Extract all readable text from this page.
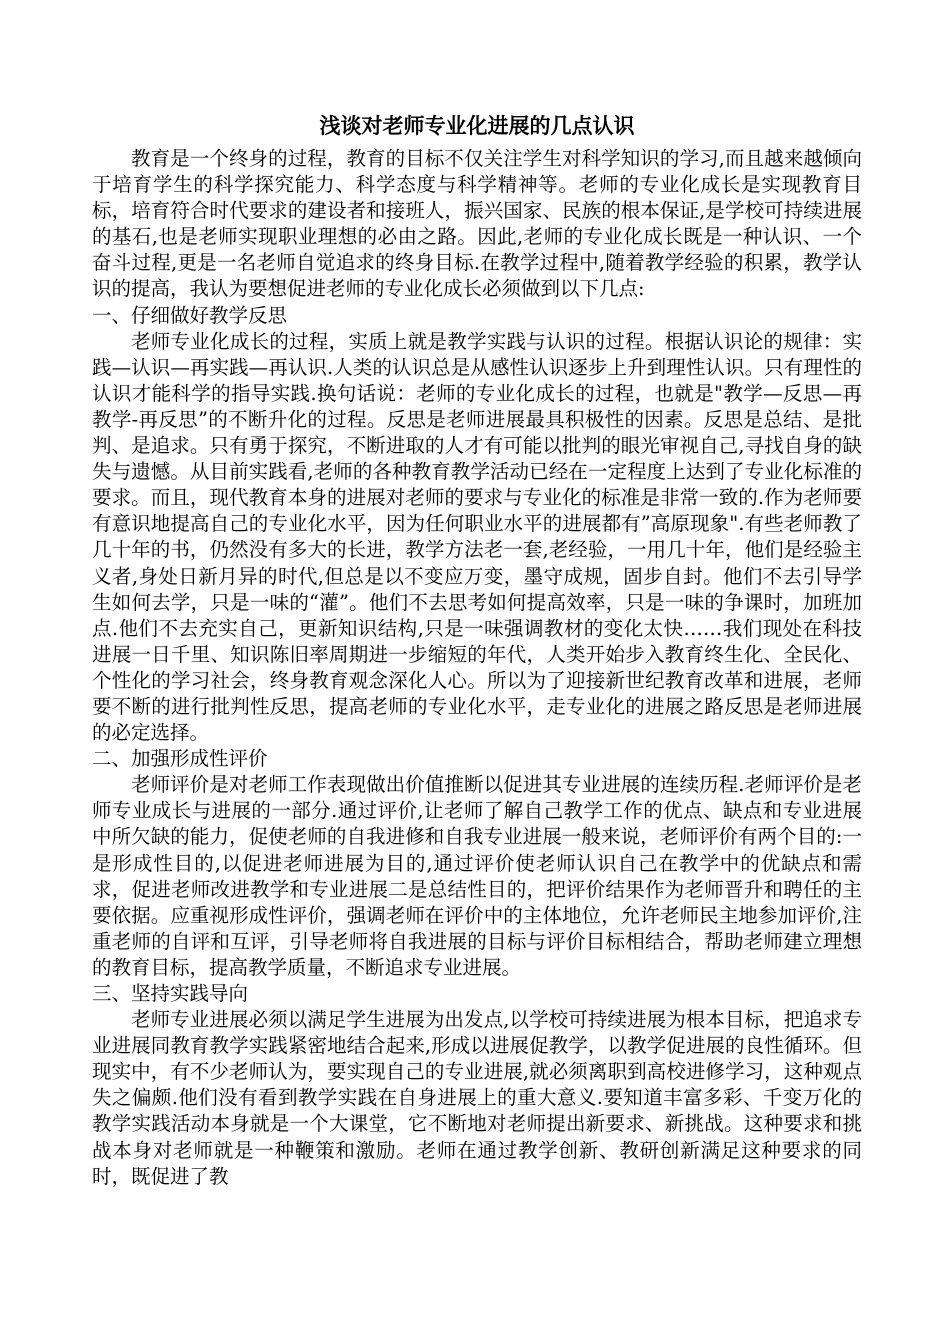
浅谈对老师专业化进展的几点认识

教育是一个终身的过程，教育的目标不仅关注学生对科学知识的学习,而且越来越倾向于培育学生的科学探究能力、科学态度与科学精神等。老师的专业化成长是实现教育目标，培育符合时代要求的建设者和接班人，振兴国家、民族的根本保证,是学校可持续进展的基石,也是老师实现职业理想的必由之路。因此,老师的专业化成长既是一种认识、一个奋斗过程,更是一名老师自觉追求的终身目标.在教学过程中,随着教学经验的积累，教学认识的提高，我认为要想促进老师的专业化成长必须做到以下几点:

一、仔细做好教学反思

老师专业化成长的过程，实质上就是教学实践与认识的过程。根据认识论的规律：实践—认识—再实践—再认识.人类的认识总是从感性认识逐步上升到理性认识。只有理性的认识才能科学的指导实践.换句话说：老师的专业化成长的过程，也就是"教学—反思—再教学-再反思”的不断升化的过程。反思是老师进展最具积极性的因素。反思是总结、是批判、是追求。只有勇于探究，不断进取的人才有可能以批判的眼光审视自己,寻找自身的缺失与遗憾。从目前实践看,老师的各种教育教学活动已经在一定程度上达到了专业化标准的要求。而且，现代教育本身的进展对老师的要求与专业化的标准是非常一致的.作为老师要有意识地提高自己的专业化水平，因为任何职业水平的进展都有”高原现象".有些老师教了几十年的书，仍然没有多大的长进，教学方法老一套,老经验，一用几十年，他们是经验主义者,身处日新月异的时代,但总是以不变应万变，墨守成规，固步自封。他们不去引导学生如何去学，只是一味的“灌”。他们不去思考如何提高效率，只是一味的争课时，加班加点.他们不去充实自己，更新知识结构,只是一味强调教材的变化太快……我们现处在科技进展一日千里、知识陈旧率周期进一步缩短的年代，人类开始步入教育终生化、全民化、个性化的学习社会，终身教育观念深化人心。所以为了迎接新世纪教育改革和进展，老师要不断的进行批判性反思，提高老师的专业化水平，走专业化的进展之路反思是老师进展的必定选择。

二、加强形成性评价

老师评价是对老师工作表现做出价值推断以促进其专业进展的连续历程.老师评价是老师专业成长与进展的一部分.通过评价,让老师了解自己教学工作的优点、缺点和专业进展中所欠缺的能力，促使老师的自我进修和自我专业进展一般来说，老师评价有两个目的:一是形成性目的,以促进老师进展为目的,通过评价使老师认识自己在教学中的优缺点和需求，促进老师改进教学和专业进展二是总结性目的，把评价结果作为老师晋升和聘任的主要依据。应重视形成性评价，强调老师在评价中的主体地位，允许老师民主地参加评价,注重老师的自评和互评，引导老师将自我进展的目标与评价目标相结合，帮助老师建立理想的教育目标，提高教学质量，不断追求专业进展。

三、坚持实践导向

老师专业进展必须以满足学生进展为出发点,以学校可持续进展为根本目标，把追求专业进展同教育教学实践紧密地结合起来,形成以进展促教学，以教学促进展的良性循环。但现实中，有不少老师认为，要实现自己的专业进展,就必须离职到高校进修学习，这种观点失之偏颇.他们没有看到教学实践在自身进展上的重大意义.要知道丰富多彩、千变万化的教学实践活动本身就是一个大课堂，它不断地对老师提出新要求、新挑战。这种要求和挑战本身对老师就是一种鞭策和激励。老师在通过教学创新、教研创新满足这种要求的同时，既促进了教
